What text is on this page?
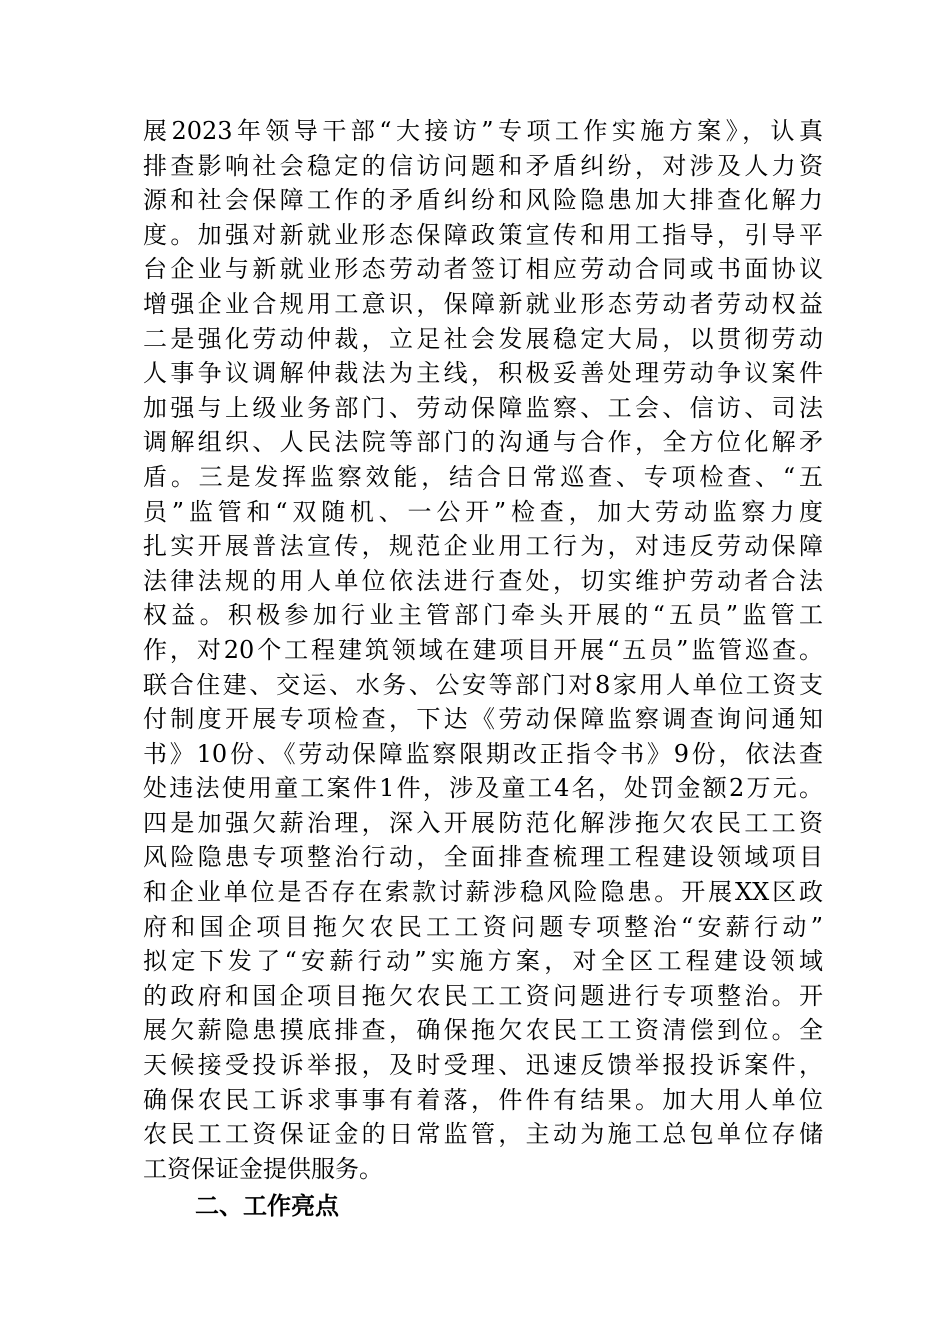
展2023年领导干部“大接访”专项工作实施方案》，认真
排查影响社会稳定的信访问题和矛盾纠纷，对涉及人力资
源和社会保障工作的矛盾纠纷和风险隐患加大排查化解力
度。加强对新就业形态保障政策宣传和用工指导，引导平
台企业与新就业形态劳动者签订相应劳动合同或书面协议
增强企业合规用工意识，保障新就业形态劳动者劳动权益
二是强化劳动仲裁，立足社会发展稳定大局，以贯彻劳动
人事争议调解仲裁法为主线，积极妥善处理劳动争议案件
加强与上级业务部门、劳动保障监察、工会、信访、司法
调解组织、人民法院等部门的沟通与合作，全方位化解矛
盾。三是发挥监察效能，结合日常巡查、专项检查、“五
员”监管和“双随机、一公开”检查，加大劳动监察力度
扎实开展普法宣传，规范企业用工行为，对违反劳动保障
法律法规的用人单位依法进行查处，切实维护劳动者合法
权益。积极参加行业主管部门牵头开展的“五员”监管工
作，对20个工程建筑领域在建项目开展“五员”监管巡查。
联合住建、交运、水务、公安等部门对8家用人单位工资支
付制度开展专项检查，下达《劳动保障监察调查询问通知
书》10份、《劳动保障监察限期改正指令书》9份，依法查
处违法使用童工案件1件，涉及童工4名，处罚金额2万元。
四是加强欠薪治理，深入开展防范化解涉拖欠农民工工资
风险隐患专项整治行动，全面排查梳理工程建设领域项目
和企业单位是否存在索款讨薪涉稳风险隐患。开展XX区政
府和国企项目拖欠农民工工资问题专项整治“安薪行动”
拟定下发了“安薪行动”实施方案，对全区工程建设领域
的政府和国企项目拖欠农民工工资问题进行专项整治。开
展欠薪隐患摸底排查，确保拖欠农民工工资清偿到位。全
天候接受投诉举报，及时受理、迅速反馈举报投诉案件，
确保农民工诉求事事有着落，件件有结果。加大用人单位
农民工工资保证金的日常监管，主动为施工总包单位存储
工资保证金提供服务。
二、工作亮点
